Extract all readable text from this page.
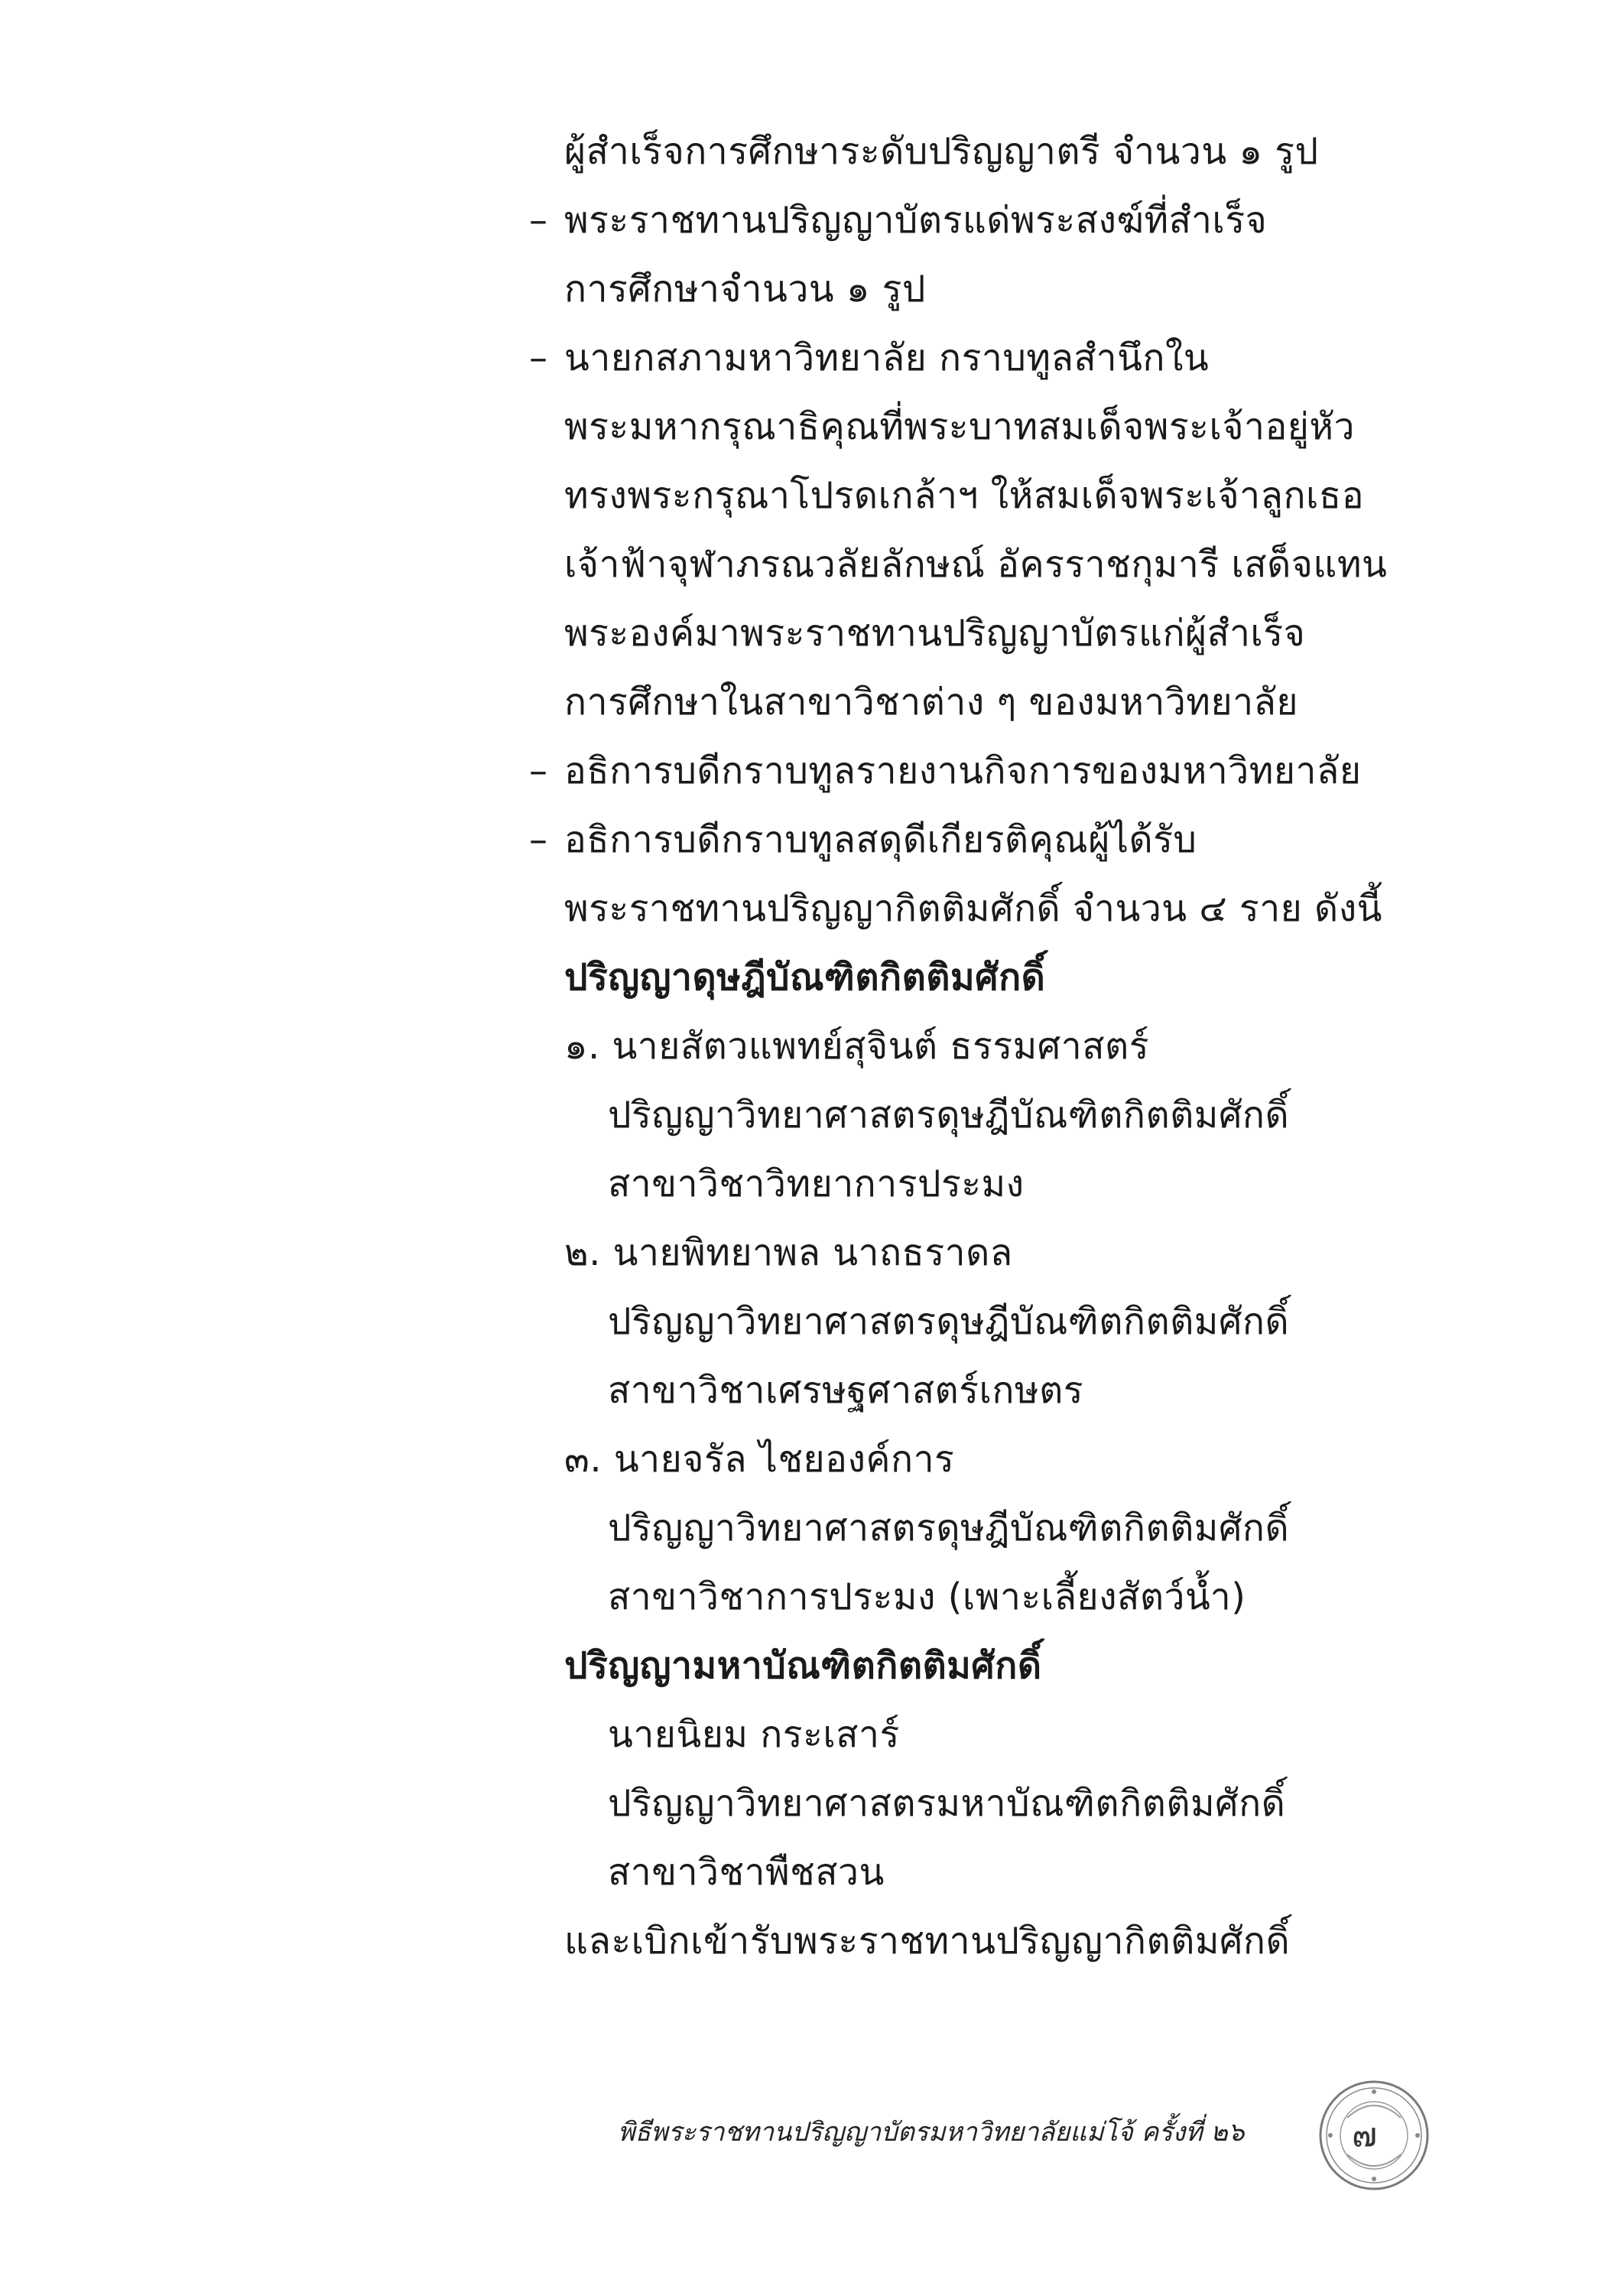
ผู้สำเร็จการศึกษาระดับปริญญาตรี จำนวน ๑ รูป
– พระราชทานปริญญาบัตรแด่พระสงฆ์ที่สำเร็จ
การศึกษาจำนวน ๑ รูป
– นายกสภามหาวิทยาลัย กราบทูลสำนึกใน
พระมหากรุณาธิคุณที่พระบาทสมเด็จพระเจ้าอยู่หัว
ทรงพระกรุณาโปรดเกล้าฯ ให้สมเด็จพระเจ้าลูกเธอ
เจ้าฟ้าจุฬาภรณวลัยลักษณ์ อัครราชกุมารี เสด็จแทน
พระองค์มาพระราชทานปริญญาบัตรแก่ผู้สำเร็จ
การศึกษาในสาขาวิชาต่าง ๆ ของมหาวิทยาลัย
– อธิการบดีกราบทูลรายงานกิจการของมหาวิทยาลัย
– อธิการบดีกราบทูลสดุดีเกียรติคุณผู้ได้รับ
พระราชทานปริญญากิตติมศักดิ์ จำนวน ๔ ราย ดังนี้
ปริญญาดุษฎีบัณฑิตกิตติมศักดิ์
๑. นายสัตวแพทย์สุจินต์ ธรรมศาสตร์
ปริญญาวิทยาศาสตรดุษฎีบัณฑิตกิตติมศักดิ์
สาขาวิชาวิทยาการประมง
๒. นายพิทยาพล นาถธราดล
ปริญญาวิทยาศาสตรดุษฎีบัณฑิตกิตติมศักดิ์
สาขาวิชาเศรษฐศาสตร์เกษตร
๓. นายจรัล ไชยองค์การ
ปริญญาวิทยาศาสตรดุษฎีบัณฑิตกิตติมศักดิ์
สาขาวิชาการประมง (เพาะเลี้ยงสัตว์น้ำ)
ปริญญามหาบัณฑิตกิตติมศักดิ์
นายนิยม กระเสาร์
ปริญญาวิทยาศาสตรมหาบัณฑิตกิตติมศักดิ์
สาขาวิชาพืชสวน
และเบิกเข้ารับพระราชทานปริญญากิตติมศักดิ์
พิธีพระราชทานปริญญาบัตรมหาวิทยาลัยแม่โจ้ ครั้งที่ ๒๖	๗
